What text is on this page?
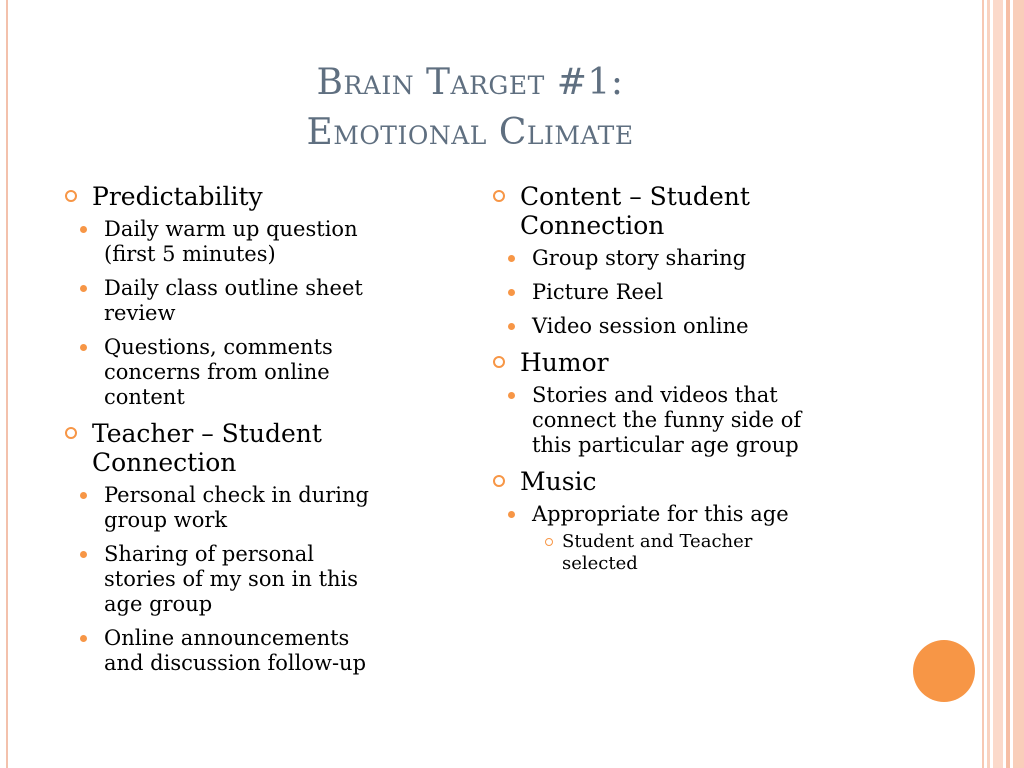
Brain Target #1:
Emotional Climate
Predictability
Daily warm up question
(first 5 minutes)
Daily class outline sheet
review
Questions, comments
concerns from online
content
Teacher – Student
Connection
Personal check in during
group work
Sharing of personal
stories of my son in this
age group
Online announcements
and discussion follow-up
Content – Student
Connection
Group story sharing
Picture Reel
Video session online
Humor
Stories and videos that
connect the funny side of
this particular age group
Music
Appropriate for this age
Student and Teacher
selected
